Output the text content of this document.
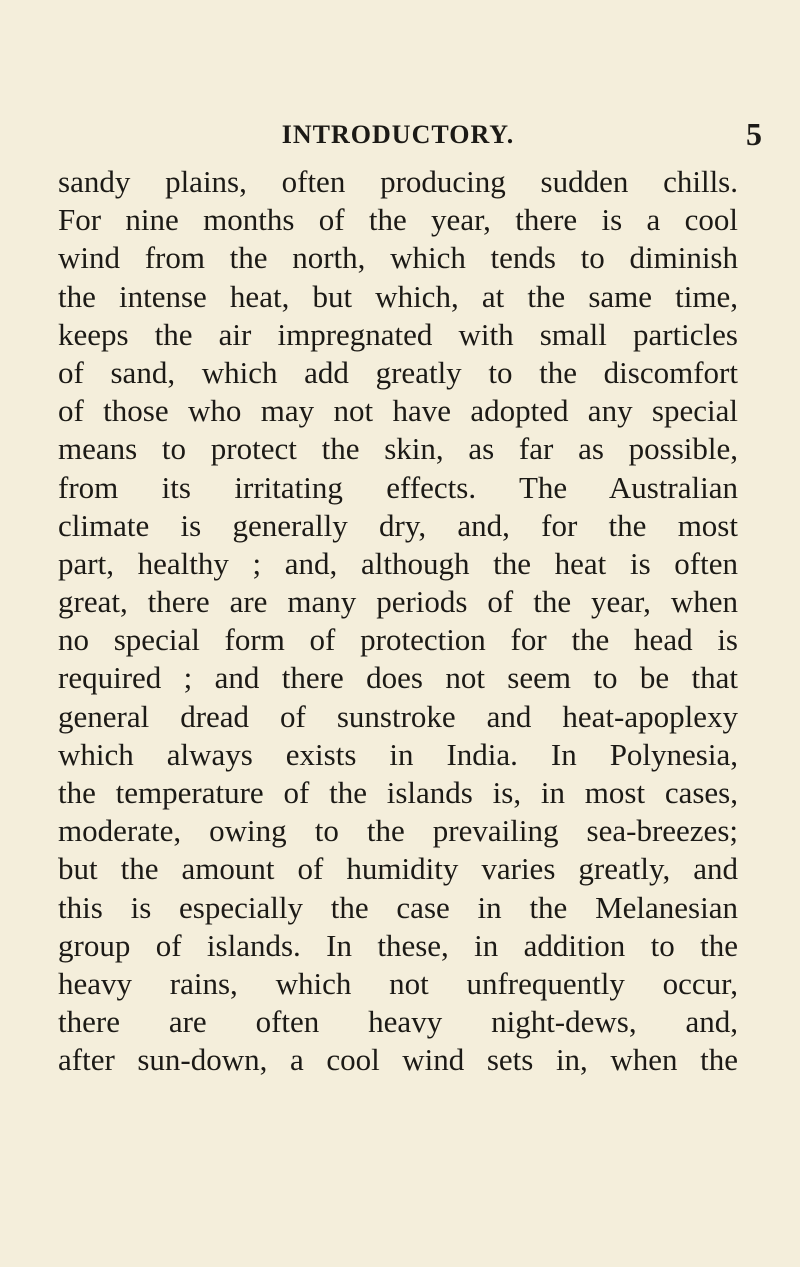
INTRODUCTORY.	5
sandy plains, often producing sudden chills.
For nine months of the year, there is a cool
wind from the north, which tends to diminish
the intense heat, but which, at the same time,
keeps the air impregnated with small particles
of sand, which add greatly to the discomfort
of those who may not have adopted any special
means to protect the skin, as far as possible,
from its irritating effects. The Australian
climate is generally dry, and, for the most
part, healthy ; and, although the heat is often
great, there are many periods of the year, when
no special form of protection for the head is
required ; and there does not seem to be that
general dread of sunstroke and heat-apoplexy
which always exists in India. In Polynesia,
the temperature of the islands is, in most cases,
moderate, owing to the prevailing sea-breezes;
but the amount of humidity varies greatly, and
this is especially the case in the Melanesian
group of islands. In these, in addition to the
heavy rains, which not unfrequently occur,
there are often heavy night-dews, and,
after sun-down, a cool wind sets in, when the
